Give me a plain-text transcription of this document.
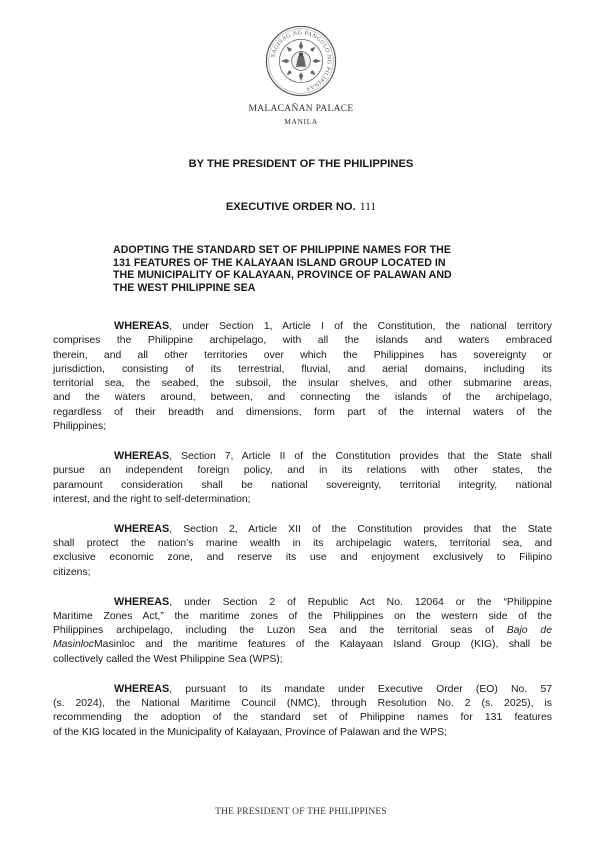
SAGISAG NG PANGULO NG PILIPINAS
MALACAÑAN PALACE
MANILA
BY THE PRESIDENT OF THE PHILIPPINES
EXECUTIVE ORDER NO. 111
ADOPTING THE STANDARD SET OF PHILIPPINE NAMES FOR THE
131 FEATURES OF THE KALAYAAN ISLAND GROUP LOCATED IN
THE MUNICIPALITY OF KALAYAAN, PROVINCE OF PALAWAN AND
THE WEST PHILIPPINE SEA
WHEREAS, under Section 1, Article I of the Constitution, the national territory
comprises the Philippine archipelago, with all the islands and waters embraced
therein, and all other territories over which the Philippines has sovereignty or
jurisdiction, consisting of its terrestrial, fluvial, and aerial domains, including its
territorial sea, the seabed, the subsoil, the insular shelves, and other submarine areas,
and the waters around, between, and connecting the islands of the archipelago,
regardless of their breadth and dimensions, form part of the internal waters of the
Philippines;
WHEREAS, Section 7, Article II of the Constitution provides that the State shall
pursue an independent foreign policy, and in its relations with other states, the
paramount consideration shall be national sovereignty, territorial integrity, national
interest, and the right to self-determination;
WHEREAS, Section 2, Article XII of the Constitution provides that the State
shall protect the nation’s marine wealth in its archipelagic waters, territorial sea, and
exclusive economic zone, and reserve its use and enjoyment exclusively to Filipino
citizens;
WHEREAS, under Section 2 of Republic Act No. 12064 or the “Philippine
Maritime Zones Act,” the maritime zones of the Philippines on the western side of the
Philippines archipelago, including the Luzon Sea and the territorial seas of Bajo de
MasinlocMasinloc and the maritime features of the Kalayaan Island Group (KIG), shall be
collectively called the West Philippine Sea (WPS);
WHEREAS, pursuant to its mandate under Executive Order (EO) No. 57
(s. 2024), the National Maritime Council (NMC), through Resolution No. 2 (s. 2025), is
recommending the adoption of the standard set of Philippine names for 131 features
of the KIG located in the Municipality of Kalayaan, Province of Palawan and the WPS;
THE PRESIDENT OF THE PHILIPPINES
